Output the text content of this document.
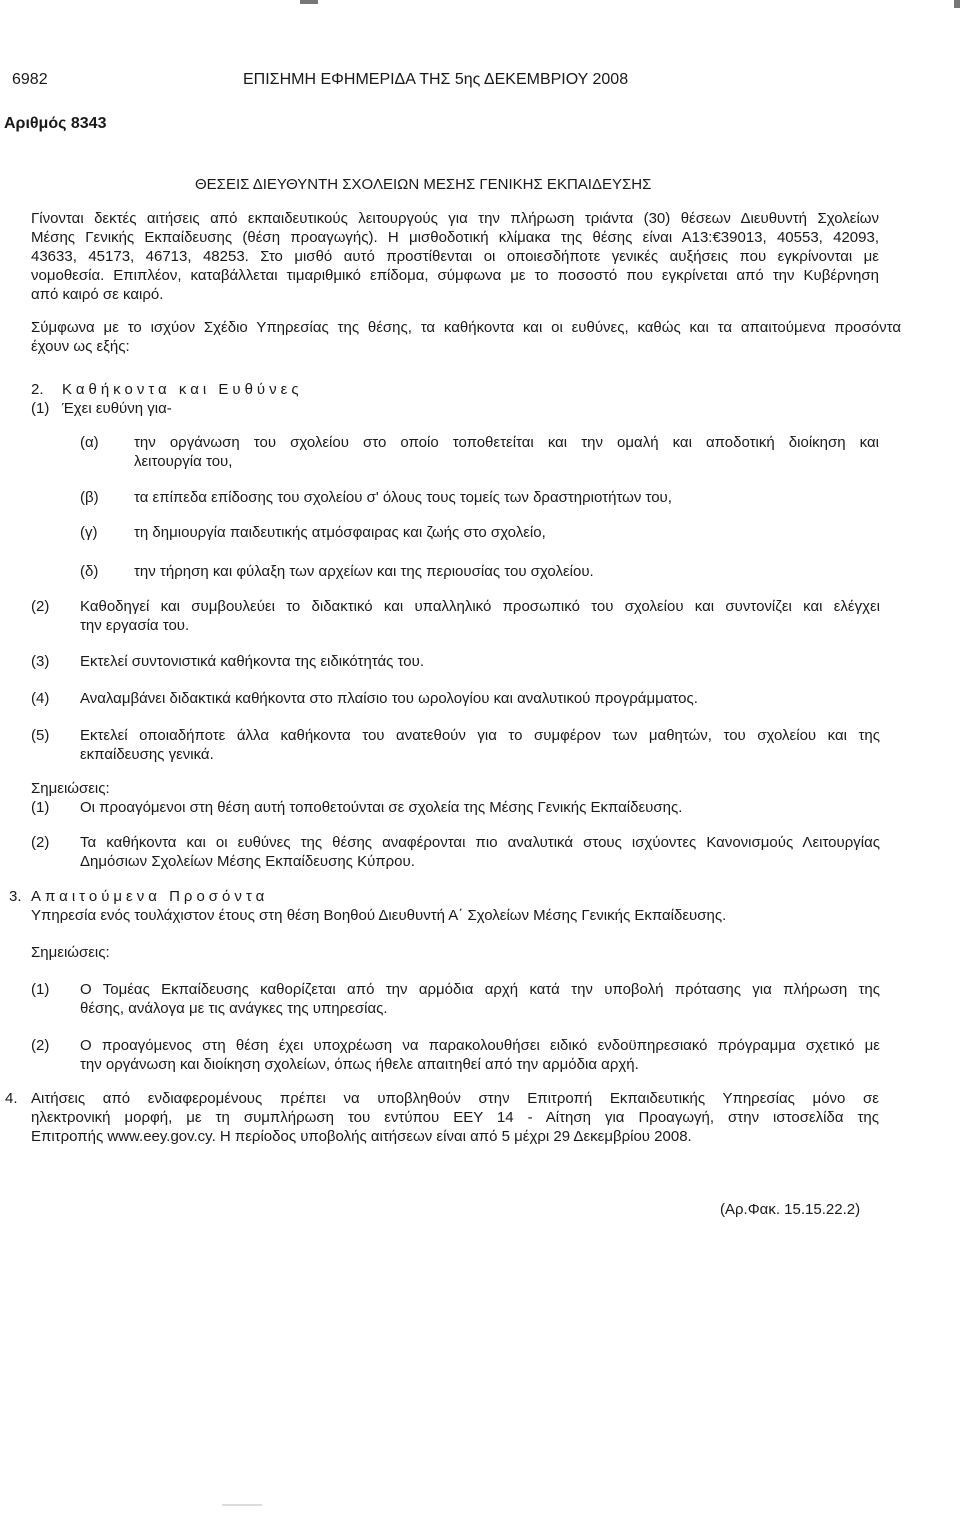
6982	ΕΠΙΣΗΜΗ ΕΦΗΜΕΡΙΔΑ ΤΗΣ 5ης ΔΕΚΕΜΒΡΙΟΥ 2008
Αριθμός 8343
ΘΕΣΕΙΣ ΔΙΕΥΘΥΝΤΗ ΣΧΟΛΕΙΩΝ ΜΕΣΗΣ ΓΕΝΙΚΗΣ ΕΚΠΑΙΔΕΥΣΗΣ
Γίνονται δεκτές αιτήσεις από εκπαιδευτικούς λειτουργούς για την πλήρωση τριάντα (30) θέσεων Διευθυντή Σχολείων
Μέσης Γενικής Εκπαίδευσης (θέση προαγωγής). Η μισθοδοτική κλίμακα της θέσης είναι Α13:€39013, 40553, 42093,
43633, 45173, 46713, 48253. Στο μισθό αυτό προστίθενται οι οποιεσδήποτε γενικές αυξήσεις που εγκρίνονται με
νομοθεσία. Επιπλέον, καταβάλλεται τιμαριθμικό επίδομα, σύμφωνα με το ποσοστό που εγκρίνεται από την Κυβέρνηση
από καιρό σε καιρό.
Σύμφωνα με το ισχύον Σχέδιο Υπηρεσίας της θέσης, τα καθήκοντα και οι ευθύνες, καθώς και τα απαιτούμενα προσόντα
έχουν ως εξής:
2. Καθήκοντα και Ευθύνες
(1) Έχει ευθύνη για-
(α) την οργάνωση του σχολείου στο οποίο τοποθετείται και την ομαλή και αποδοτική διοίκηση και
λειτουργία του,
(β) τα επίπεδα επίδοσης του σχολείου σ' όλους τους τομείς των δραστηριοτήτων του,
(γ) τη δημιουργία παιδευτικής ατμόσφαιρας και ζωής στο σχολείο,
(δ) την τήρηση και φύλαξη των αρχείων και της περιουσίας του σχολείου.
(2) Καθοδηγεί και συμβουλεύει το διδακτικό και υπαλληλικό προσωπικό του σχολείου και συντονίζει και ελέγχει
την εργασία του.
(3) Εκτελεί συντονιστικά καθήκοντα της ειδικότητάς του.
(4) Αναλαμβάνει διδακτικά καθήκοντα στο πλαίσιο του ωρολογίου και αναλυτικού προγράμματος.
(5) Εκτελεί οποιαδήποτε άλλα καθήκοντα του ανατεθούν για το συμφέρον των μαθητών, του σχολείου και της
εκπαίδευσης γενικά.
Σημειώσεις:
(1) Οι προαγόμενοι στη θέση αυτή τοποθετούνται σε σχολεία της Μέσης Γενικής Εκπαίδευσης.
(2) Τα καθήκοντα και οι ευθύνες της θέσης αναφέρονται πιο αναλυτικά στους ισχύοντες Κανονισμούς Λειτουργίας
Δημόσιων Σχολείων Μέσης Εκπαίδευσης Κύπρου.
3. Απαιτούμενα Προσόντα
Υπηρεσία ενός τουλάχιστον έτους στη θέση Βοηθού Διευθυντή Α΄ Σχολείων Μέσης Γενικής Εκπαίδευσης.
Σημειώσεις:
(1) Ο Τομέας Εκπαίδευσης καθορίζεται από την αρμόδια αρχή κατά την υποβολή πρότασης για πλήρωση της
θέσης, ανάλογα με τις ανάγκες της υπηρεσίας.
(2) Ο προαγόμενος στη θέση έχει υποχρέωση να παρακολουθήσει ειδικό ενδοϋπηρεσιακό πρόγραμμα σχετικό με
την οργάνωση και διοίκηση σχολείων, όπως ήθελε απαιτηθεί από την αρμόδια αρχή.
4. Αιτήσεις από ενδιαφερομένους πρέπει να υποβληθούν στην Επιτροπή Εκπαιδευτικής Υπηρεσίας μόνο σε
ηλεκτρονική μορφή, με τη συμπλήρωση του εντύπου ΕΕΥ 14 - Αίτηση για Προαγωγή, στην ιστοσελίδα της
Επιτροπής www.eey.gov.cy. Η περίοδος υποβολής αιτήσεων είναι από 5 μέχρι 29 Δεκεμβρίου 2008.
(Αρ.Φακ. 15.15.22.2)
